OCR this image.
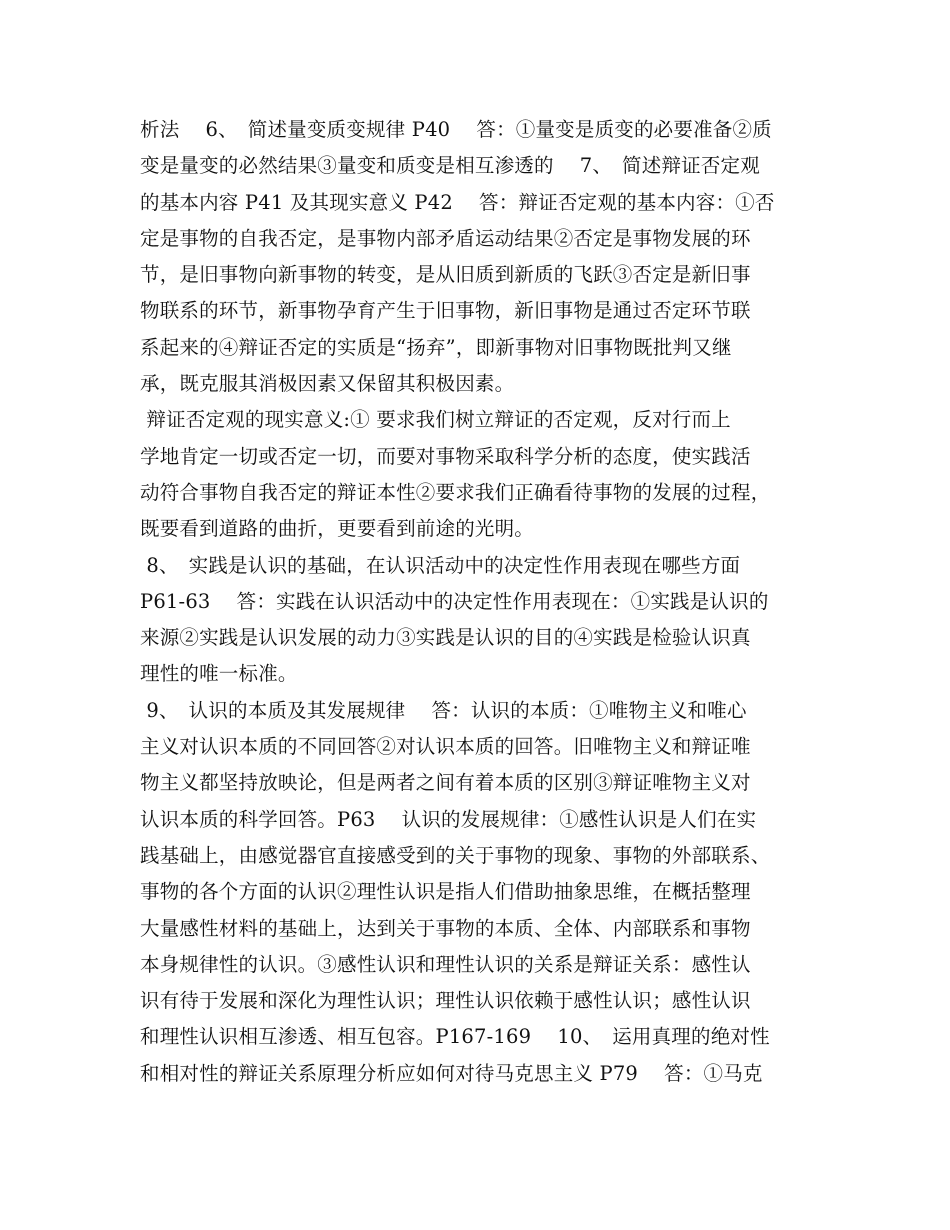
析法　 6、　简述量变质变规律 P40　 答：①量变是质变的必要准备②质
变是量变的必然结果③量变和质变是相互渗透的　 7、　简述辩证否定观
的基本内容 P41 及其现实意义 P42　 答：辩证否定观的基本内容：①否
定是事物的自我否定，是事物内部矛盾运动结果②否定是事物发展的环
节，是旧事物向新事物的转变，是从旧质到新质的飞跃③否定是新旧事
物联系的环节，新事物孕育产生于旧事物，新旧事物是通过否定环节联
系起来的④辩证否定的实质是“扬弃”，即新事物对旧事物既批判又继
承，既克服其消极因素又保留其积极因素。
辩证否定观的现实意义:① 要求我们树立辩证的否定观，反对行而上
学地肯定一切或否定一切，而要对事物采取科学分析的态度，使实践活
动符合事物自我否定的辩证本性②要求我们正确看待事物的发展的过程，
既要看到道路的曲折，更要看到前途的光明。
8、　实践是认识的基础，在认识活动中的决定性作用表现在哪些方面
P61-63　 答：实践在认识活动中的决定性作用表现在：①实践是认识的
来源②实践是认识发展的动力③实践是认识的目的④实践是检验认识真
理性的唯一标准。
9、　认识的本质及其发展规律　 答：认识的本质：①唯物主义和唯心
主义对认识本质的不同回答②对认识本质的回答。旧唯物主义和辩证唯
物主义都坚持放映论，但是两者之间有着本质的区别③辩证唯物主义对
认识本质的科学回答。P63　 认识的发展规律：①感性认识是人们在实
践基础上，由感觉器官直接感受到的关于事物的现象、事物的外部联系、
事物的各个方面的认识②理性认识是指人们借助抽象思维，在概括整理
大量感性材料的基础上，达到关于事物的本质、全体、内部联系和事物
本身规律性的认识。③感性认识和理性认识的关系是辩证关系：感性认
识有待于发展和深化为理性认识；理性认识依赖于感性认识；感性认识
和理性认识相互渗透、相互包容。P167-169　 10、　运用真理的绝对性
和相对性的辩证关系原理分析应如何对待马克思主义 P79　 答：①马克
